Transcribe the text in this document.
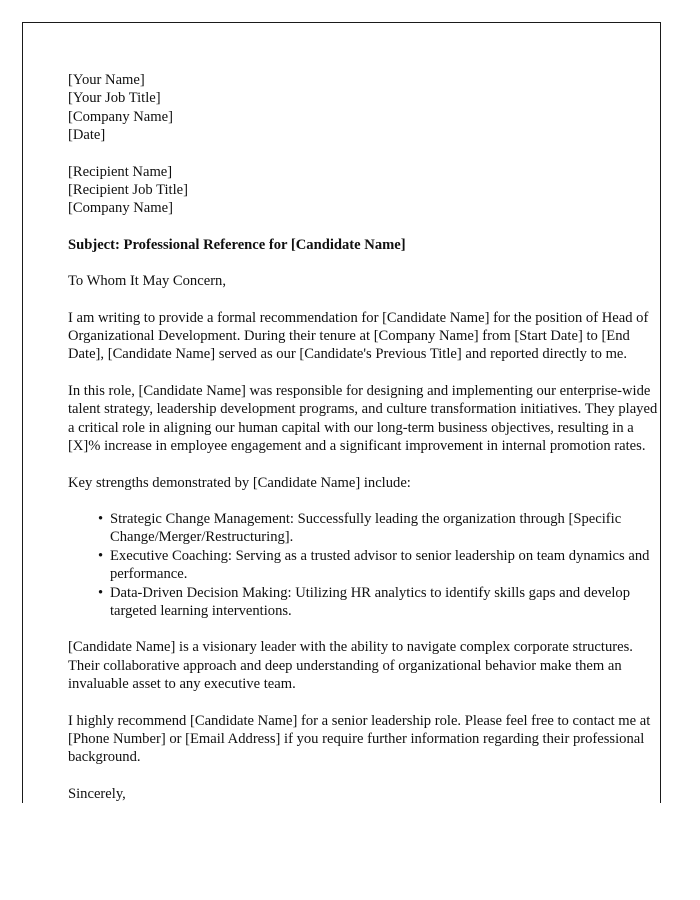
[Your Name]
[Your Job Title]
[Company Name]
[Date]
[Recipient Name]
[Recipient Job Title]
[Company Name]
Subject: Professional Reference for [Candidate Name]
To Whom It May Concern,
I am writing to provide a formal recommendation for [Candidate Name] for the position of Head of Organizational Development. During their tenure at [Company Name] from [Start Date] to [End Date], [Candidate Name] served as our [Candidate's Previous Title] and reported directly to me.
In this role, [Candidate Name] was responsible for designing and implementing our enterprise-wide talent strategy, leadership development programs, and culture transformation initiatives. They played a critical role in aligning our human capital with our long-term business objectives, resulting in a [X]% increase in employee engagement and a significant improvement in internal promotion rates.
Key strengths demonstrated by [Candidate Name] include:
• Strategic Change Management: Successfully leading the organization through [Specific Change/Merger/Restructuring].
• Executive Coaching: Serving as a trusted advisor to senior leadership on team dynamics and performance.
• Data-Driven Decision Making: Utilizing HR analytics to identify skills gaps and develop targeted learning interventions.
[Candidate Name] is a visionary leader with the ability to navigate complex corporate structures. Their collaborative approach and deep understanding of organizational behavior make them an invaluable asset to any executive team.
I highly recommend [Candidate Name] for a senior leadership role. Please feel free to contact me at [Phone Number] or [Email Address] if you require further information regarding their professional background.
Sincerely,
